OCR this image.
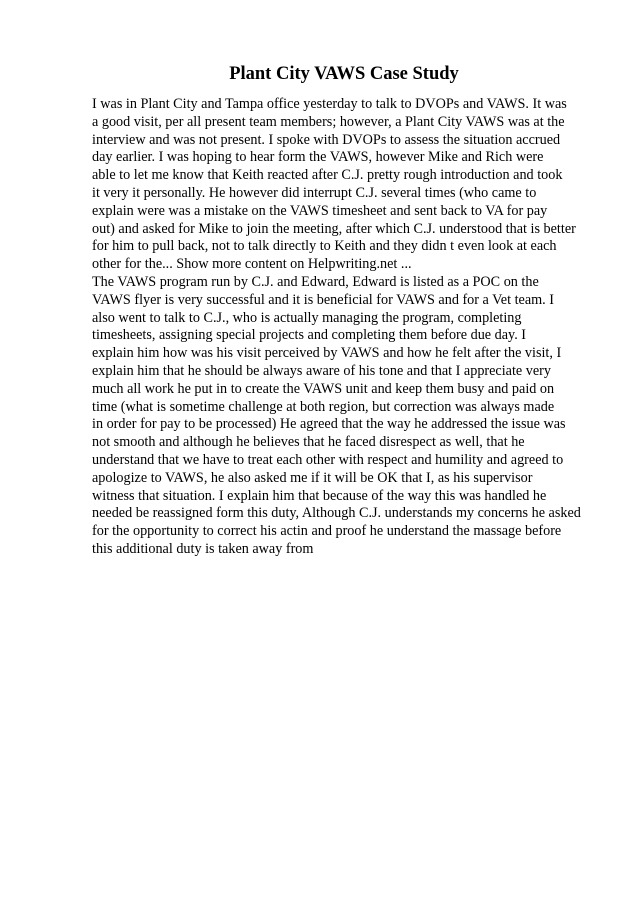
Plant City VAWS Case Study
I was in Plant City and Tampa office yesterday to talk to DVOPs and VAWS. It was
a good visit, per all present team members; however, a Plant City VAWS was at the
interview and was not present. I spoke with DVOPs to assess the situation accrued
day earlier. I was hoping to hear form the VAWS, however Mike and Rich were
able to let me know that Keith reacted after C.J. pretty rough introduction and took
it very it personally. He however did interrupt C.J. several times (who came to
explain were was a mistake on the VAWS timesheet and sent back to VA for pay
out) and asked for Mike to join the meeting, after which C.J. understood that is better
for him to pull back, not to talk directly to Keith and they didn t even look at each
other for the... Show more content on Helpwriting.net ...
The VAWS program run by C.J. and Edward, Edward is listed as a POC on the
VAWS flyer is very successful and it is beneficial for VAWS and for a Vet team. I
also went to talk to C.J., who is actually managing the program, completing
timesheets, assigning special projects and completing them before due day. I
explain him how was his visit perceived by VAWS and how he felt after the visit, I
explain him that he should be always aware of his tone and that I appreciate very
much all work he put in to create the VAWS unit and keep them busy and paid on
time (what is sometime challenge at both region, but correction was always made
in order for pay to be processed) He agreed that the way he addressed the issue was
not smooth and although he believes that he faced disrespect as well, that he
understand that we have to treat each other with respect and humility and agreed to
apologize to VAWS, he also asked me if it will be OK that I, as his supervisor
witness that situation. I explain him that because of the way this was handled he
needed be reassigned form this duty, Although C.J. understands my concerns he asked
for the opportunity to correct his actin and proof he understand the massage before
this additional duty is taken away from
